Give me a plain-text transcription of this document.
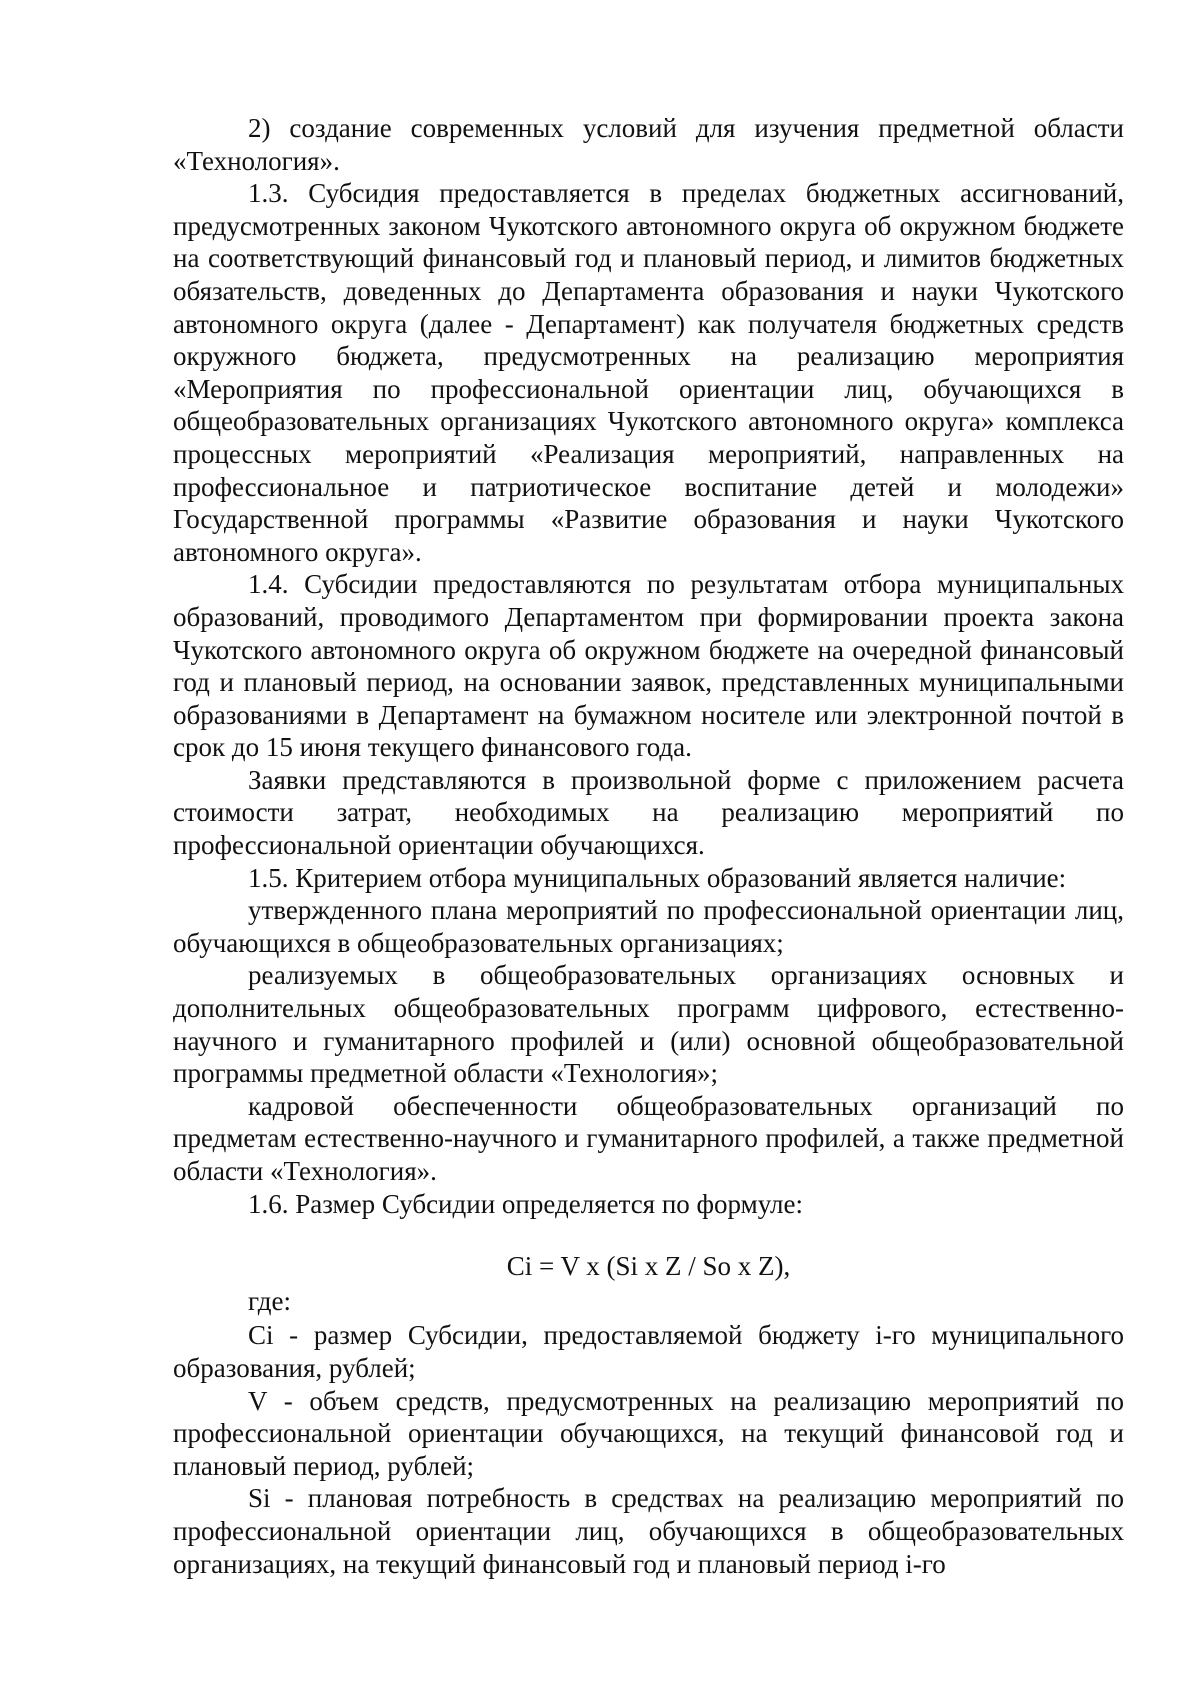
2) создание современных условий для изучения предметной области «Технология».

1.3. Субсидия предоставляется в пределах бюджетных ассигнований, предусмотренных законом Чукотского автономного округа об окружном бюджете на соответствующий финансовый год и плановый период, и лимитов бюджетных обязательств, доведенных до Департамента образования и науки Чукотского автономного округа (далее - Департамент) как получателя бюджетных средств окружного бюджета, предусмотренных на реализацию мероприятия «Мероприятия по профессиональной ориентации лиц, обучающихся в общеобразовательных организациях Чукотского автономного округа» комплекса процессных мероприятий «Реализация мероприятий, направленных на профессиональное и патриотическое воспитание детей и молодежи» Государственной программы «Развитие образования и науки Чукотского автономного округа».

1.4. Субсидии предоставляются по результатам отбора муниципальных образований, проводимого Департаментом при формировании проекта закона Чукотского автономного округа об окружном бюджете на очередной финансовый год и плановый период, на основании заявок, представленных муниципальными образованиями в Департамент на бумажном носителе или электронной почтой в срок до 15 июня текущего финансового года.

Заявки представляются в произвольной форме с приложением расчета стоимости затрат, необходимых на реализацию мероприятий по профессиональной ориентации обучающихся.

1.5. Критерием отбора муниципальных образований является наличие:

утвержденного плана мероприятий по профессиональной ориентации лиц, обучающихся в общеобразовательных организациях;

реализуемых в общеобразовательных организациях основных и дополнительных общеобразовательных программ цифрового, естественно-научного и гуманитарного профилей и (или) основной общеобразовательной программы предметной области «Технология»;

кадровой обеспеченности общеобразовательных организаций по предметам естественно-научного и гуманитарного профилей, а также предметной области «Технология».

1.6. Размер Субсидии определяется по формуле:

Ci = V x (Si x Z / So x Z),

где:

Ci - размер Субсидии, предоставляемой бюджету i-го муниципального образования, рублей;

V - объем средств, предусмотренных на реализацию мероприятий по профессиональной ориентации обучающихся, на текущий финансовой год и плановый период, рублей;

Si - плановая потребность в средствах на реализацию мероприятий по профессиональной ориентации лиц, обучающихся в общеобразовательных организациях, на текущий финансовый год и плановый период i-го
